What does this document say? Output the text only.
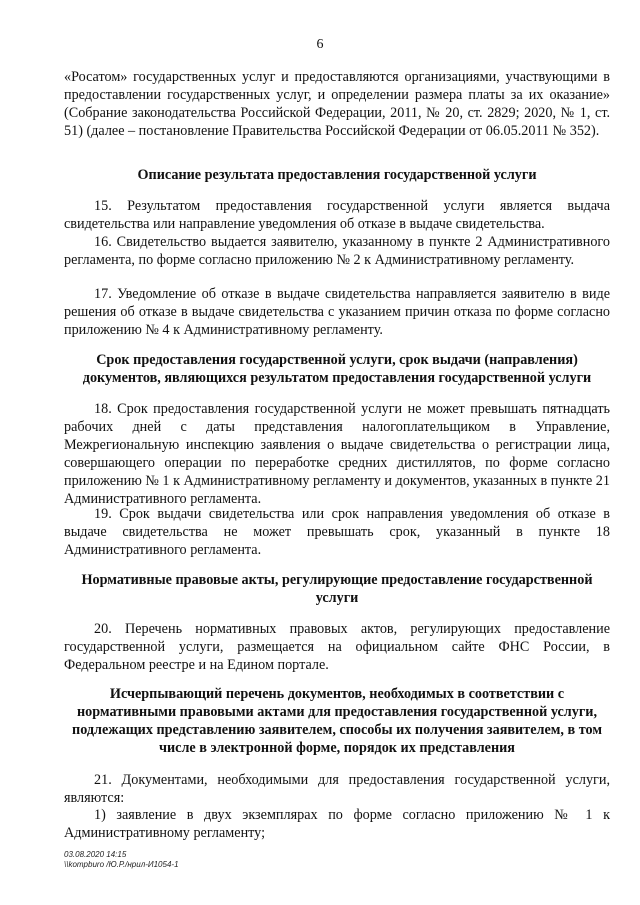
6

«Росатом» государственных услуг и предоставляются организациями, участвующими в предоставлении государственных услуг, и определении размера платы за их оказание» (Собрание законодательства Российской Федерации, 2011, № 20, ст. 2829; 2020, № 1, ст. 51) (далее – постановление Правительства Российской Федерации от 06.05.2011 № 352).

Описание результата предоставления государственной услуги

15. Результатом предоставления государственной услуги является выдача свидетельства или направление уведомления об отказе в выдаче свидетельства.

16. Свидетельство выдается заявителю, указанному в пункте 2 Административного регламента, по форме согласно приложению № 2 к Административному регламенту.

17. Уведомление об отказе в выдаче свидетельства направляется заявителю в виде решения об отказе в выдаче свидетельства с указанием причин отказа по форме согласно приложению № 4 к Административному регламенту.

Срок предоставления государственной услуги, срок выдачи (направления) документов, являющихся результатом предоставления государственной услуги

18. Срок предоставления государственной услуги не может превышать пятнадцать рабочих дней с даты представления налогоплательщиком в Управление, Межрегиональную инспекцию заявления о выдаче свидетельства о регистрации лица, совершающего операции по переработке средних дистиллятов, по форме согласно приложению № 1 к Административному регламенту и документов, указанных в пункте 21 Административного регламента.

19. Срок выдачи свидетельства или срок направления уведомления об отказе в выдаче свидетельства не может превышать срок, указанный в пункте 18 Административного регламента.

Нормативные правовые акты, регулирующие предоставление государственной услуги

20. Перечень нормативных правовых актов, регулирующих предоставление государственной услуги, размещается на официальном сайте ФНС России, в Федеральном реестре и на Едином портале.

Исчерпывающий перечень документов, необходимых в соответствии с нормативными правовыми актами для предоставления государственной услуги, подлежащих представлению заявителем, способы их получения заявителем, в том числе в электронной форме, порядок их представления

21. Документами, необходимыми для предоставления государственной услуги, являются:

1) заявление в двух экземплярах по форме согласно приложению № 1 к Административному регламенту;

03.08.2020 14:15
\\kompburo /Ю.Р./нрил-И1054-1
